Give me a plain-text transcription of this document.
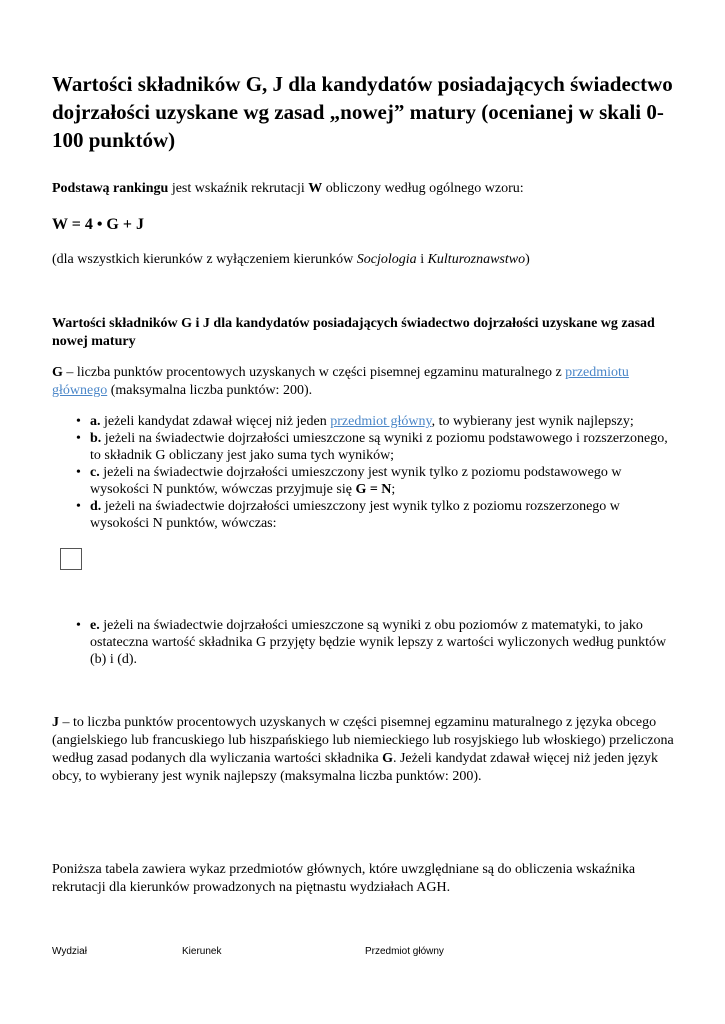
Wartości składników G, J dla kandydatów posiadających świadectwo dojrzałości uzyskane wg zasad „nowej” matury (ocenianej w skali 0-100 punktów)

Podstawą rankingu jest wskaźnik rekrutacji W obliczony według ogólnego wzoru:

W = 4 • G + J

(dla wszystkich kierunków z wyłączeniem kierunków Socjologia i Kulturoznawstwo)

Wartości składników G i J dla kandydatów posiadających świadectwo dojrzałości uzyskane wg zasad nowej matury

G – liczba punktów procentowych uzyskanych w części pisemnej egzaminu maturalnego z przedmiotu głównego (maksymalna liczba punktów: 200).

• a. jeżeli kandydat zdawał więcej niż jeden przedmiot główny, to wybierany jest wynik najlepszy;
• b. jeżeli na świadectwie dojrzałości umieszczone są wyniki z poziomu podstawowego i rozszerzonego, to składnik G obliczany jest jako suma tych wyników;
• c. jeżeli na świadectwie dojrzałości umieszczony jest wynik tylko z poziomu podstawowego w wysokości N punktów, wówczas przyjmuje się G = N;
• d. jeżeli na świadectwie dojrzałości umieszczony jest wynik tylko z poziomu rozszerzonego w wysokości N punktów, wówczas:
• e. jeżeli na świadectwie dojrzałości umieszczone są wyniki z obu poziomów z matematyki, to jako ostateczna wartość składnika G przyjęty będzie wynik lepszy z wartości wyliczonych według punktów (b) i (d).

J – to liczba punktów procentowych uzyskanych w części pisemnej egzaminu maturalnego z języka obcego (angielskiego lub francuskiego lub hiszpańskiego lub niemieckiego lub rosyjskiego lub włoskiego) przeliczona według zasad podanych dla wyliczania wartości składnika G. Jeżeli kandydat zdawał więcej niż jeden język obcy, to wybierany jest wynik najlepszy (maksymalna liczba punktów: 200).

Poniższa tabela zawiera wykaz przedmiotów głównych, które uwzględniane są do obliczenia wskaźnika rekrutacji dla kierunków prowadzonych na piętnastu wydziałach AGH.

Wydział	Kierunek	Przedmiot główny
